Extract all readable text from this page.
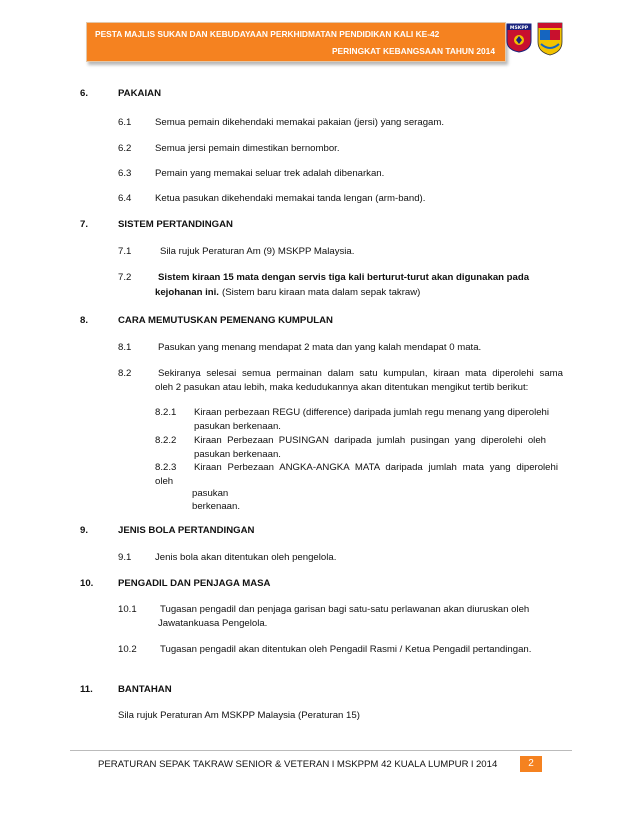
PESTA MAJLIS SUKAN DAN KEBUDAYAAN PERKHIDMATAN PENDIDIKAN KALI KE-42
PERINGKAT KEBANGSAAN TAHUN 2014
MSKPP
6.	PAKAIAN
6.1 Semua pemain dikehendaki memakai pakaian (jersi) yang seragam.
6.2 Semua jersi pemain dimestikan bernombor.
6.3 Pemain yang memakai seluar trek adalah dibenarkan.
6.4 Ketua pasukan dikehendaki memakai tanda lengan (arm-band).
7.	SISTEM PERTANDINGAN
7.1	Sila rujuk Peraturan Am (9) MSKPP Malaysia.
7.2	Sistem kiraan 15 mata dengan servis tiga kali berturut-turut akan digunakan pada
kejohanan ini. (Sistem baru kiraan mata dalam sepak takraw)
8.	CARA MEMUTUSKAN PEMENANG KUMPULAN
8.1	Pasukan yang menang mendapat 2 mata dan yang kalah mendapat 0 mata.
8.2	Sekiranya selesai semua permainan dalam satu kumpulan, kiraan mata diperolehi sama
oleh 2 pasukan atau lebih, maka kedudukannya akan ditentukan mengikut tertib berikut:
8.2.1 Kiraan perbezaan REGU (difference) daripada jumlah regu menang yang diperolehi
pasukan berkenaan.
8.2.2 Kiraan Perbezaan PUSINGAN daripada jumlah pusingan yang diperolehi oleh
pasukan berkenaan.
8.2.3 Kiraan Perbezaan ANGKA-ANGKA MATA daripada jumlah mata yang diperolehi
oleh
pasukan
berkenaan.
9.	JENIS BOLA PERTANDINGAN
9.1 Jenis bola akan ditentukan oleh pengelola.
10.	PENGADIL DAN PENJAGA MASA
10.1 Tugasan pengadil dan penjaga garisan bagi satu-satu perlawanan akan diuruskan oleh
Jawatankuasa Pengelola.
10.2 Tugasan pengadil akan ditentukan oleh Pengadil Rasmi / Ketua Pengadil pertandingan.
11.	BANTAHAN
Sila rujuk Peraturan Am MSKPP Malaysia (Peraturan 15)
PERATURAN SEPAK TAKRAW SENIOR & VETERAN l MSKPPM 42 KUALA LUMPUR l 2014	2
